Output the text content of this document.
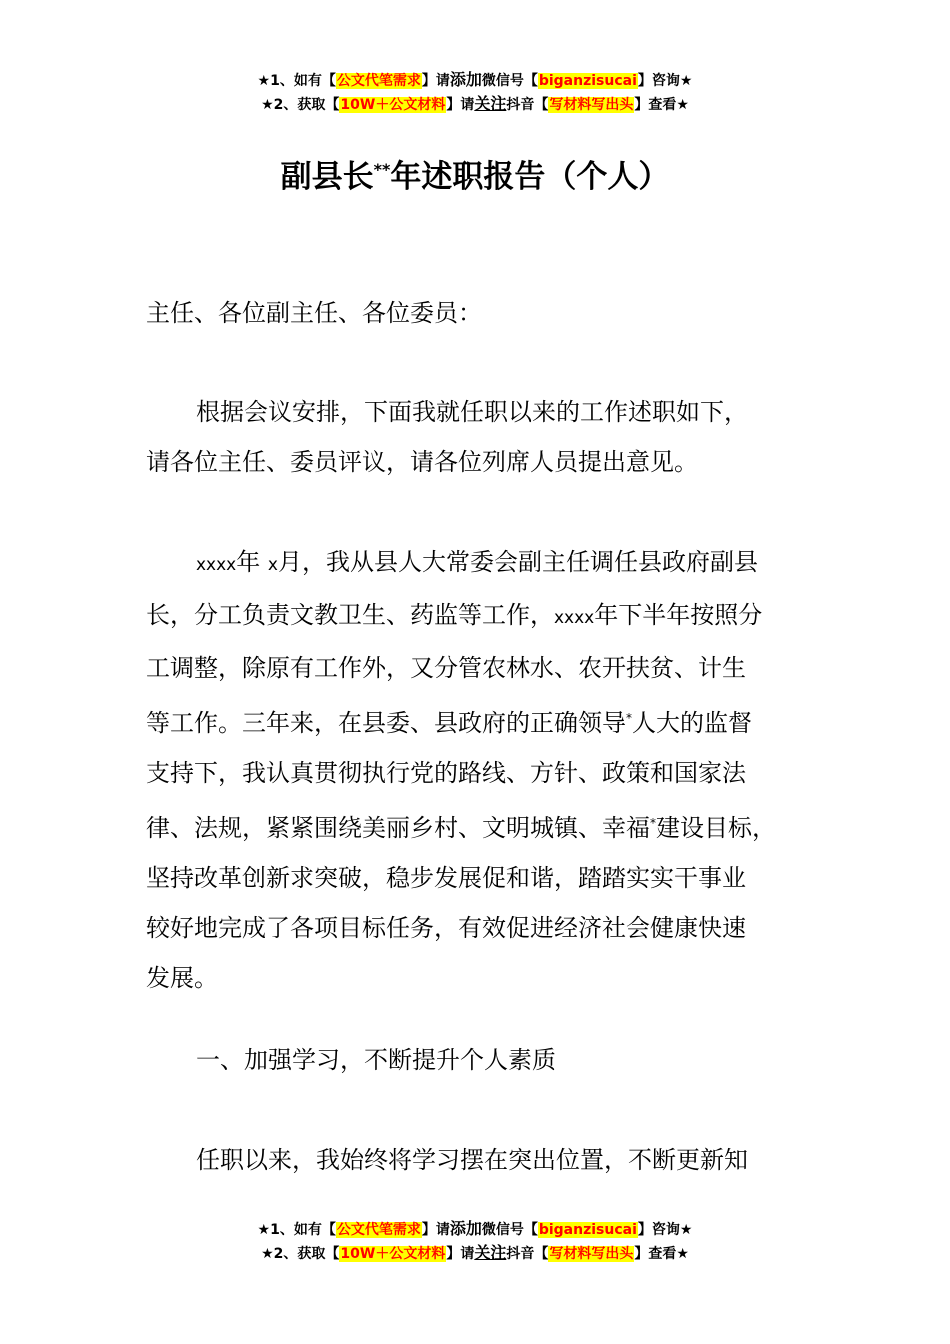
★1、如有【公文代笔需求】请添加微信号【biganzisucai】咨询★
★2、获取【10W＋公文材料】请关注抖音【写材料写出头】查看★
副县长**年述职报告（个人）

主任、各位副主任、各位委员：

根据会议安排，下面我就任职以来的工作述职如下，
请各位主任、委员评议，请各位列席人员提出意见。

xxxx年 x月，我从县人大常委会副主任调任县政府副县
长，分工负责文教卫生、药监等工作，xxxx年下半年按照分
工调整，除原有工作外，又分管农林水、农开扶贫、计生
等工作。三年来，在县委、县政府的正确领导*人大的监督
支持下，我认真贯彻执行党的路线、方针、政策和国家法
律、法规，紧紧围绕美丽乡村、文明城镇、幸福*建设目标，
坚持改革创新求突破，稳步发展促和谐，踏踏实实干事业
较好地完成了各项目标任务，有效促进经济社会健康快速
发展。

一、加强学习，不断提升个人素质

任职以来，我始终将学习摆在突出位置，不断更新知

★1、如有【公文代笔需求】请添加微信号【biganzisucai】咨询★
★2、获取【10W＋公文材料】请关注抖音【写材料写出头】查看★
